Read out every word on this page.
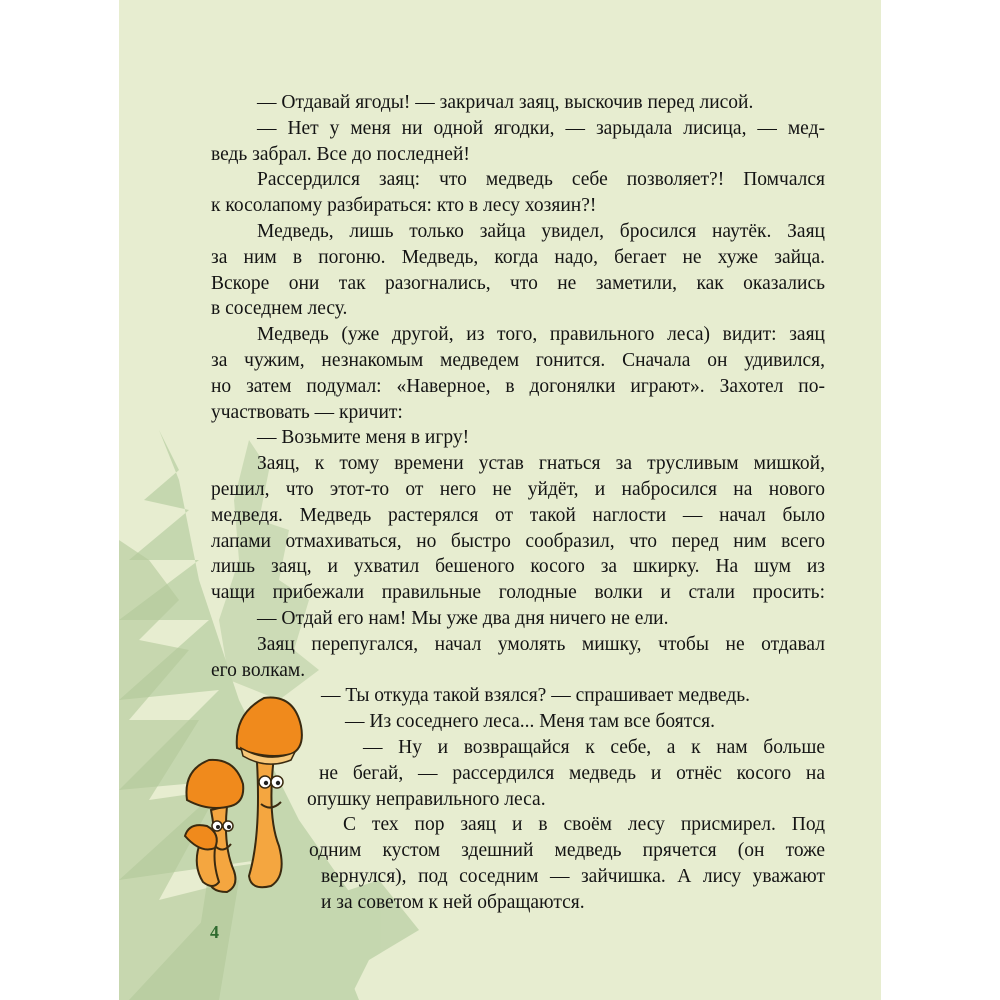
— Отдавай ягоды! — закричал заяц, выскочив перед лисой.
— Нет у меня ни одной ягодки, — зарыдала лисица, — мед-
ведь забрал. Все до последней!
Рассердился заяц: что медведь себе позволяет?! Помчался
к косолапому разбираться: кто в лесу хозяин?!
Медведь, лишь только зайца увидел, бросился наутёк. Заяц
за ним в погоню. Медведь, когда надо, бегает не хуже зайца.
Вскоре они так разогнались, что не заметили, как оказались
в соседнем лесу.
Медведь (уже другой, из того, правильного леса) видит: заяц
за чужим, незнакомым медведем гонится. Сначала он удивился,
но затем подумал: «Наверное, в догонялки играют». Захотел по-
участвовать — кричит:
— Возьмите меня в игру!
Заяц, к тому времени устав гнаться за трусливым мишкой,
решил, что этот-то от него не уйдёт, и набросился на нового
медведя. Медведь растерялся от такой наглости — начал было
лапами отмахиваться, но быстро сообразил, что перед ним всего
лишь заяц, и ухватил бешеного косого за шкирку. На шум из
чащи прибежали правильные голодные волки и стали просить:
— Отдай его нам! Мы уже два дня ничего не ели.
Заяц перепугался, начал умолять мишку, чтобы не отдавал
его волкам.
— Ты откуда такой взялся? — спрашивает медведь.
— Из соседнего леса... Меня там все боятся.
— Ну и возвращайся к себе, а к нам больше
не бегай, — рассердился медведь и отнёс косого на
опушку неправильного леса.
С тех пор заяц и в своём лесу присмирел. Под
одним кустом здешний медведь прячется (он тоже
вернулся), под соседним — зайчишка. А лису уважают
и за советом к ней обращаются.
4
